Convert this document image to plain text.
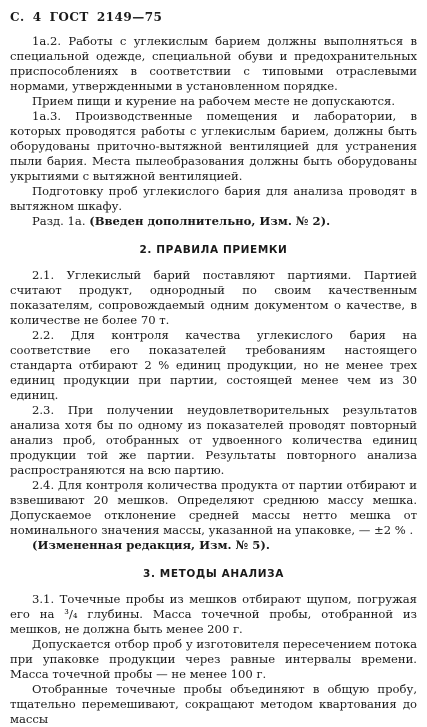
С. 4 ГОСТ 2149—75

1а.2. Работы с углекислым барием должны выполняться в специальной одежде, специальной обуви и предохранительных приспособлениях в соответствии с типовыми отраслевыми нормами, утвержденными в установленном порядке.

Прием пищи и курение на рабочем месте не допускаются.

1а.3. Производственные помещения и лаборатории, в которых проводятся работы с углекислым барием, должны быть оборудованы приточно-вытяжной вентиляцией для устранения пыли бария. Места пылеобразования должны быть оборудованы укрытиями с вытяжной вентиляцией.

Подготовку проб углекислого бария для анализа проводят в вытяжном шкафу.

Разд. 1а. (Введен дополнительно, Изм. № 2).

2. ПРАВИЛА ПРИЕМКИ

2.1. Углекислый барий поставляют партиями. Партией считают продукт, однородный по своим качественным показателям, сопровождаемый одним документом о качестве, в количестве не более 70 т.

2.2. Для контроля качества углекислого бария на соответствие его показателей требованиям настоящего стандарта отбирают 2 % единиц продукции, но не менее трех единиц продукции при партии, состоящей менее чем из 30 единиц.

2.3. При получении неудовлетворительных результатов анализа хотя бы по одному из показателей проводят повторный анализ проб, отобранных от удвоенного количества единиц продукции той же партии. Результаты повторного анализа распространяются на всю партию.

2.4. Для контроля количества продукта от партии отбирают и взвешивают 20 мешков. Определяют среднюю массу мешка. Допускаемое отклонение средней массы нетто мешка от номинального значения массы, указанной на упаковке, — ±2 % .

(Измененная редакция, Изм. № 5).

3. МЕТОДЫ АНАЛИЗА

3.1. Точечные пробы из мешков отбирают щупом, погружая его на ³/₄ глубины. Масса точечной пробы, отобранной из мешков, не должна быть менее 200 г.

Допускается отбор проб у изготовителя пересечением потока при упаковке продукции через равные интервалы времени. Масса точечной пробы — не менее 100 г.

Отобранные точечные пробы объединяют в общую пробу, тщательно перемешивают, сокращают методом квартования до массы
